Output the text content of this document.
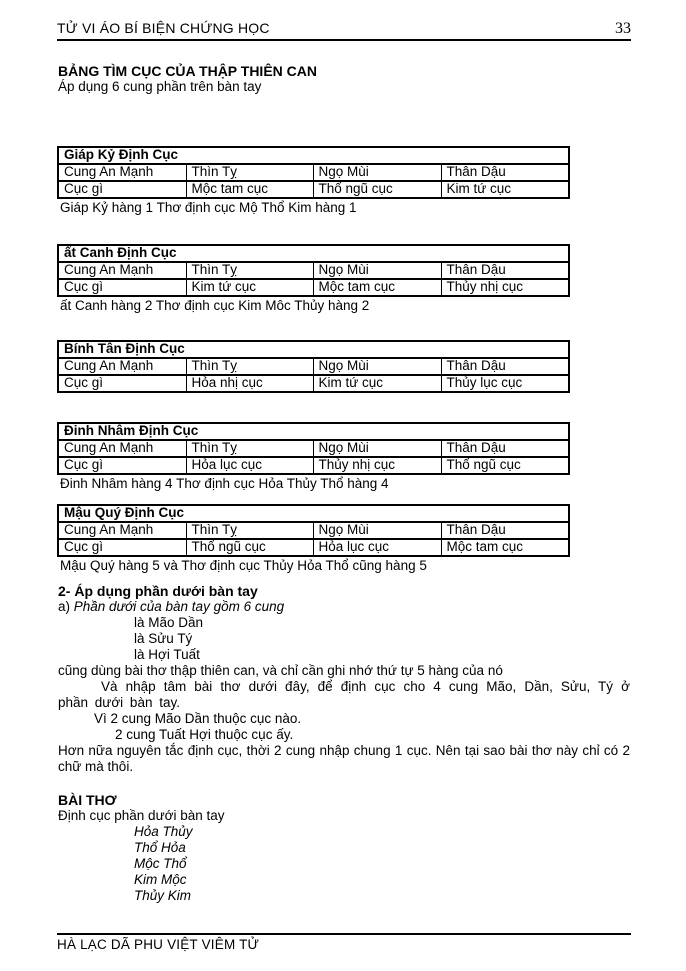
TỬ VI ÁO BÍ BIỆN CHỨNG HỌC	33
BẢNG TÌM CỤC CỦA THẬP THIÊN CAN
Áp dụng 6 cung phần trên bàn tay
Giáp Kỷ Định Cục			
Cung An Mạnh	Thìn Tỵ	Ngọ Mùi	Thân Dậu
Cục gì	Mộc tam cục	Thổ ngũ cục	Kim tứ cục
Giáp Kỷ hàng 1 Thơ định cục Mộ Thổ Kim hàng 1
ất Canh Định Cục			
Cung An Mạnh	Thìn Tỵ	Ngọ Mùi	Thân Dậu
Cục gì	Kim tứ cục	Mộc tam cục	Thủy nhị cục
ất Canh hàng 2 Thơ định cục Kim Môc Thủy hàng 2
Bính Tân Định Cục			
Cung An Mạnh	Thìn Tỵ	Ngọ Mùi	Thân Dậu
Cục gì	Hỏa nhị cục	Kim tứ cục	Thủy lục cục
Đinh Nhâm Định Cục			
Cung An Mạnh	Thìn Tỵ	Ngọ Mùi	Thân Dậu
Cục gì	Hỏa lục cục	Thủy nhị cục	Thổ ngũ cục
Đinh Nhâm hàng 4 Thơ định cục Hỏa Thủy Thổ hàng 4
Mậu Quý Định Cục			
Cung An Mạnh	Thìn Tỵ	Ngọ Mùi	Thân Dậu
Cục gì	Thổ ngũ cục	Hỏa lục cục	Mộc tam cục
Mậu Quý hàng 5 và Thơ định cục Thủy Hỏa Thổ cũng hàng 5
2- Áp dụng phần dưới bàn tay
a) Phần dưới của bàn tay gồm 6 cung
là Mão Dần
là Sửu Tý
là Hợi Tuất
cũng dùng bài thơ thập thiên can, và chỉ cần ghi nhớ thứ tự 5 hàng của nó
Và nhập tâm bài thơ dưới đây, để định cục cho 4 cung Mão, Dần, Sửu, Tý ở phần dưới bàn tay.
Vì 2 cung Mão Dần thuộc cục nào.
2 cung Tuất Hợi thuộc cục ấy.
Hơn nữa nguyên tắc định cục, thời 2 cung nhập chung 1 cục. Nên tại sao bài thơ này chỉ có 2 chữ mà thôi.
BÀI THƠ
Định cục phần dưới bàn tay
Hỏa Thủy
Thổ Hỏa
Mộc Thổ
Kim Mộc
Thủy Kim
HÀ LẠC DÃ PHU VIỆT VIÊM TỬ
